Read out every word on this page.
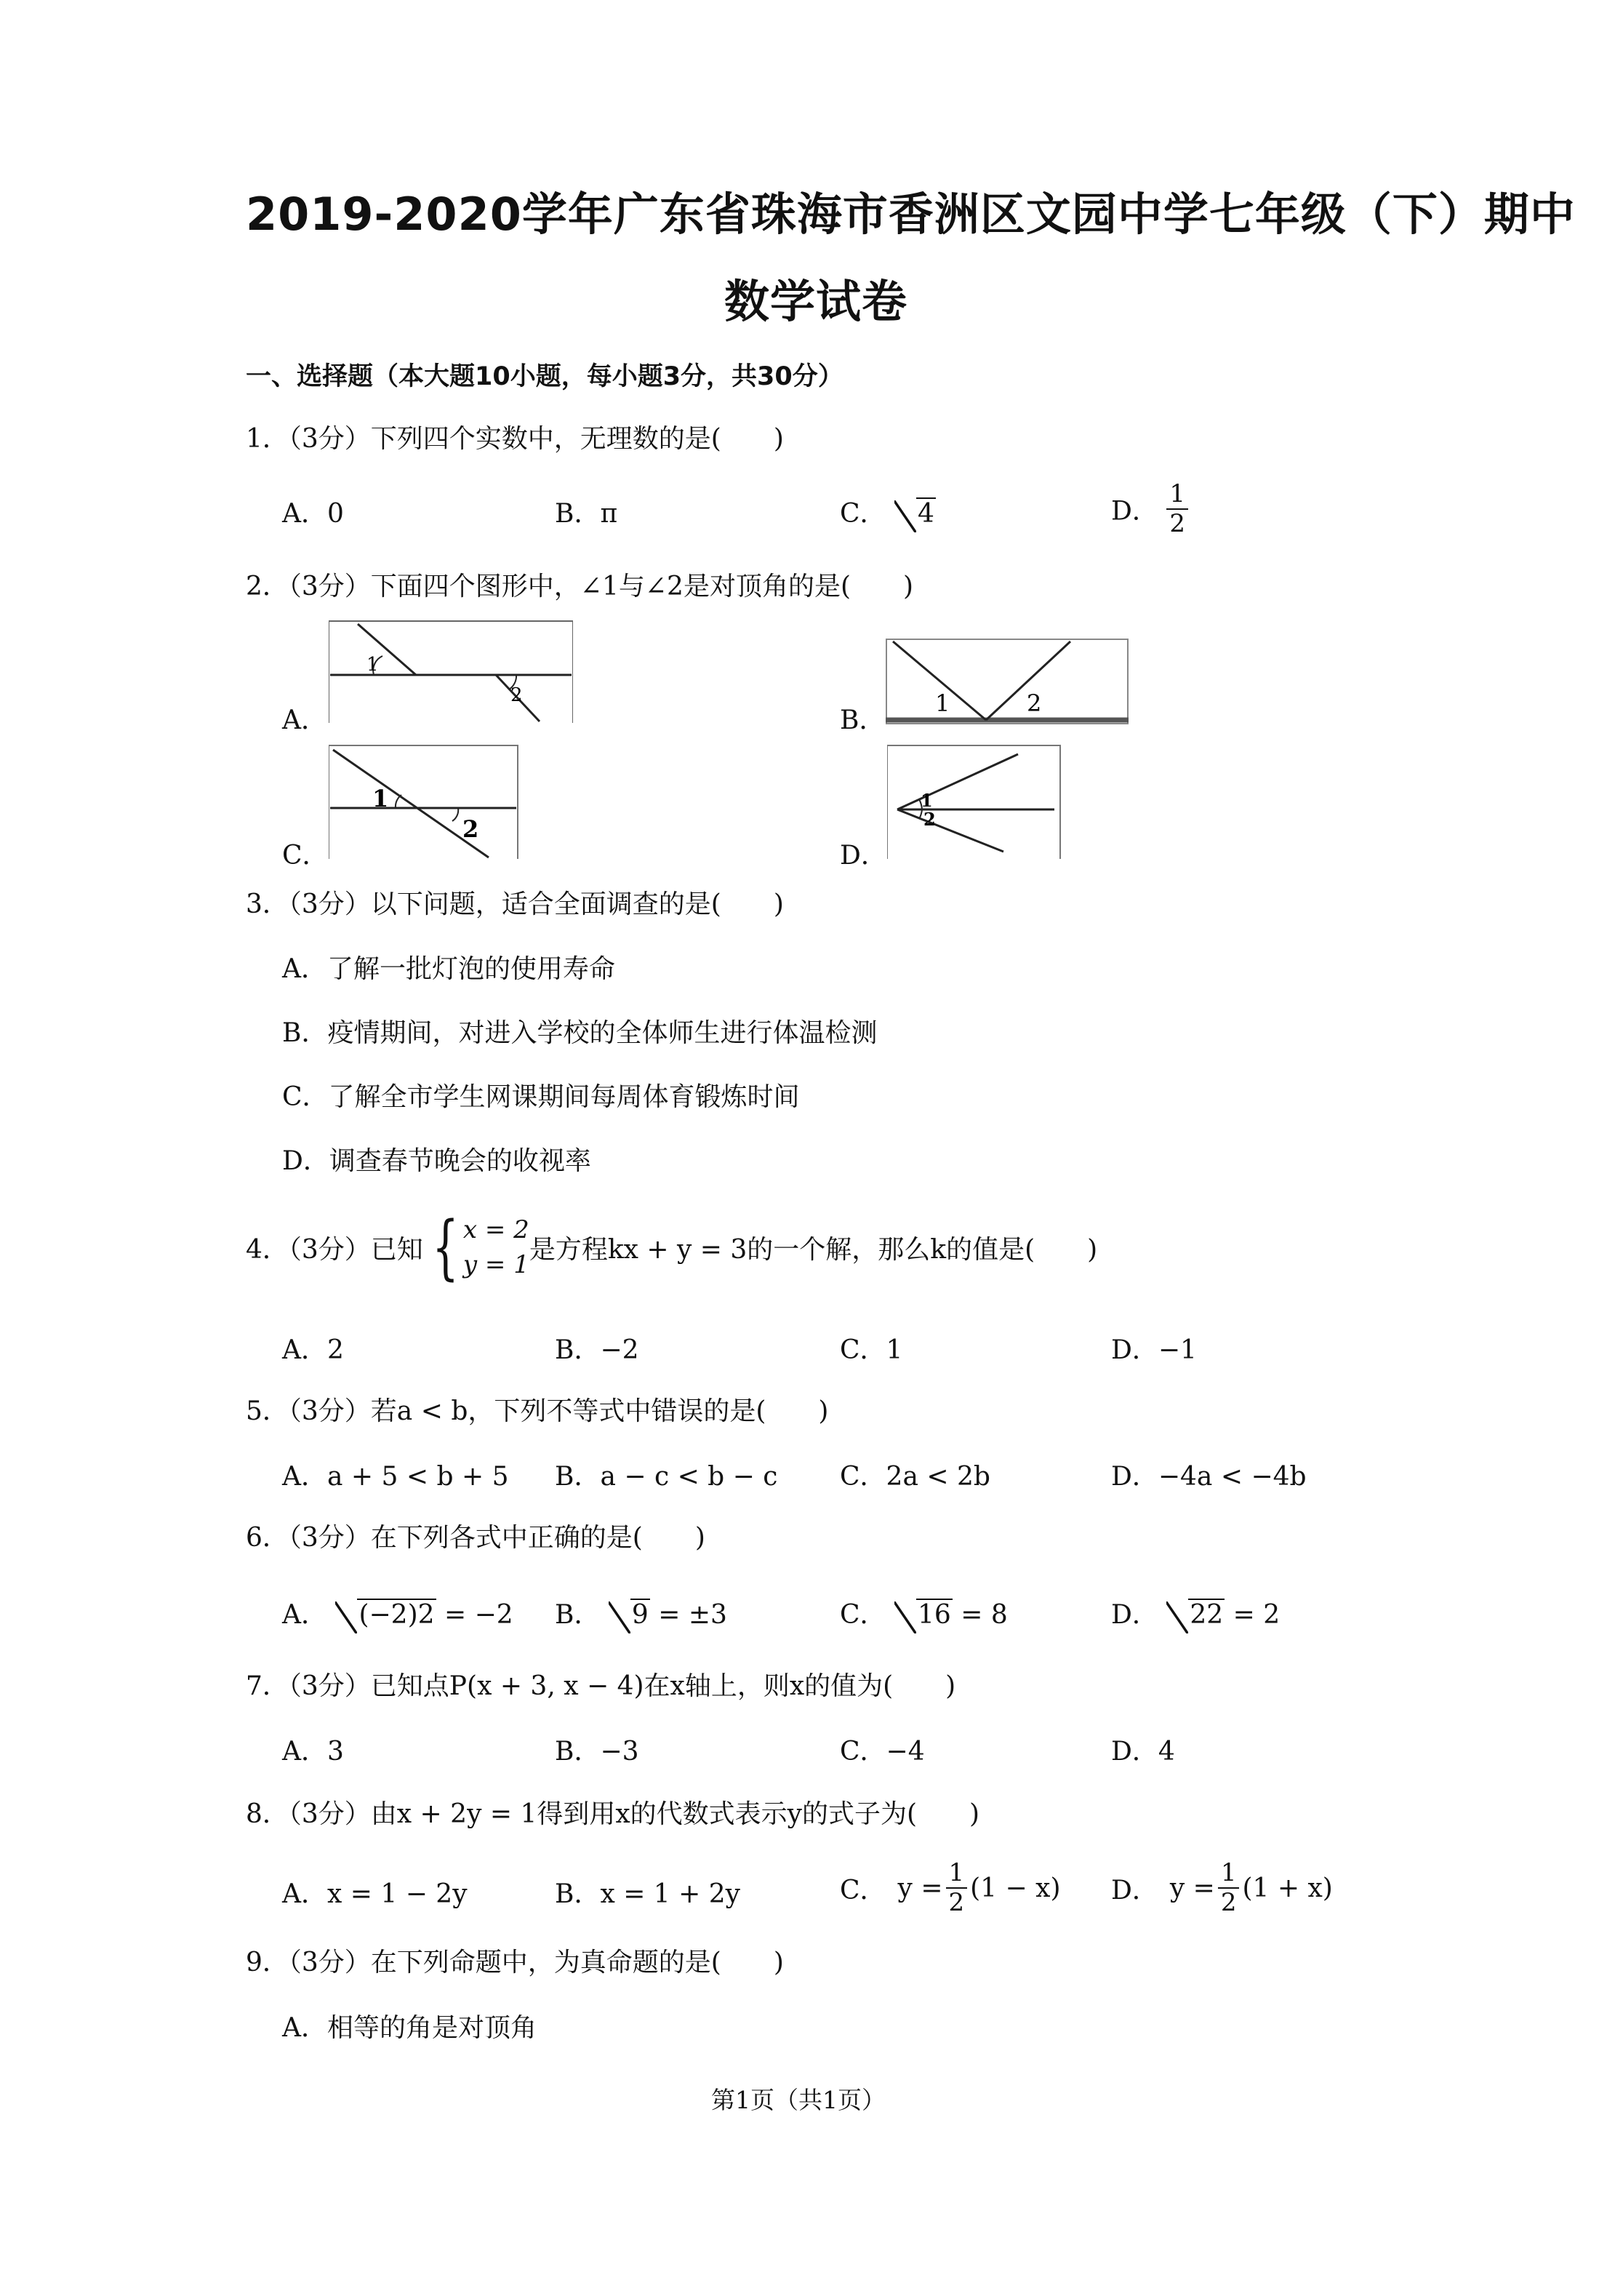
2019-2020学年广东省珠海市香洲区文园中学七年级（下）期中
数学试卷
一、选择题（本大题10小题，每小题3分，共30分）
1．（3分）下列四个实数中，无理数的是(　　)
A．0	B．π	C． 4	D． $\frac{1}{2}$
2．（3分）下面四个图形中，∠1与∠2是对顶角的是(　　)
A．
1
2
B．
1	2
C．
1
2
D．
1
2
3．（3分）以下问题，适合全面调查的是(　　)
A．了解一批灯泡的使用寿命
B．疫情期间，对进入学校的全体师生进行体温检测
C．了解全市学生网课期间每周体育锻炼时间
D．调查春节晚会的收视率
4．（3分）已知 { x = 2
y = 1 是方程kx + y = 3的一个解，那么k的值是(　　)
A．2	B．−2	C．1	D．−1
5．（3分）若a < b，下列不等式中错误的是(　　)
A．a + 5 < b + 5 B．a − c < b − c C．2a < 2b	D．−4a < −4b
6．（3分）在下列各式中正确的是(　　)
A． (−2)2 = −2 B． 9 = ±3	C． 16 = 8	D． 22 = 2
7．（3分）已知点P(x + 3, x − 4)在x轴上，则x的值为(　　)
A．3	B．−3	C．−4	D．4
8．（3分）由x + 2y = 1得到用x的代数式表示y的式子为(　　)
A．x = 1 − 2y	B．x = 1 + 2y	C． $y = \frac{1}{2} (1 - x)$ D． $y = \frac{1}{2} (1 + x)$
9．（3分）在下列命题中，为真命题的是(　　)
A．相等的角是对顶角
第1页（共1页）
